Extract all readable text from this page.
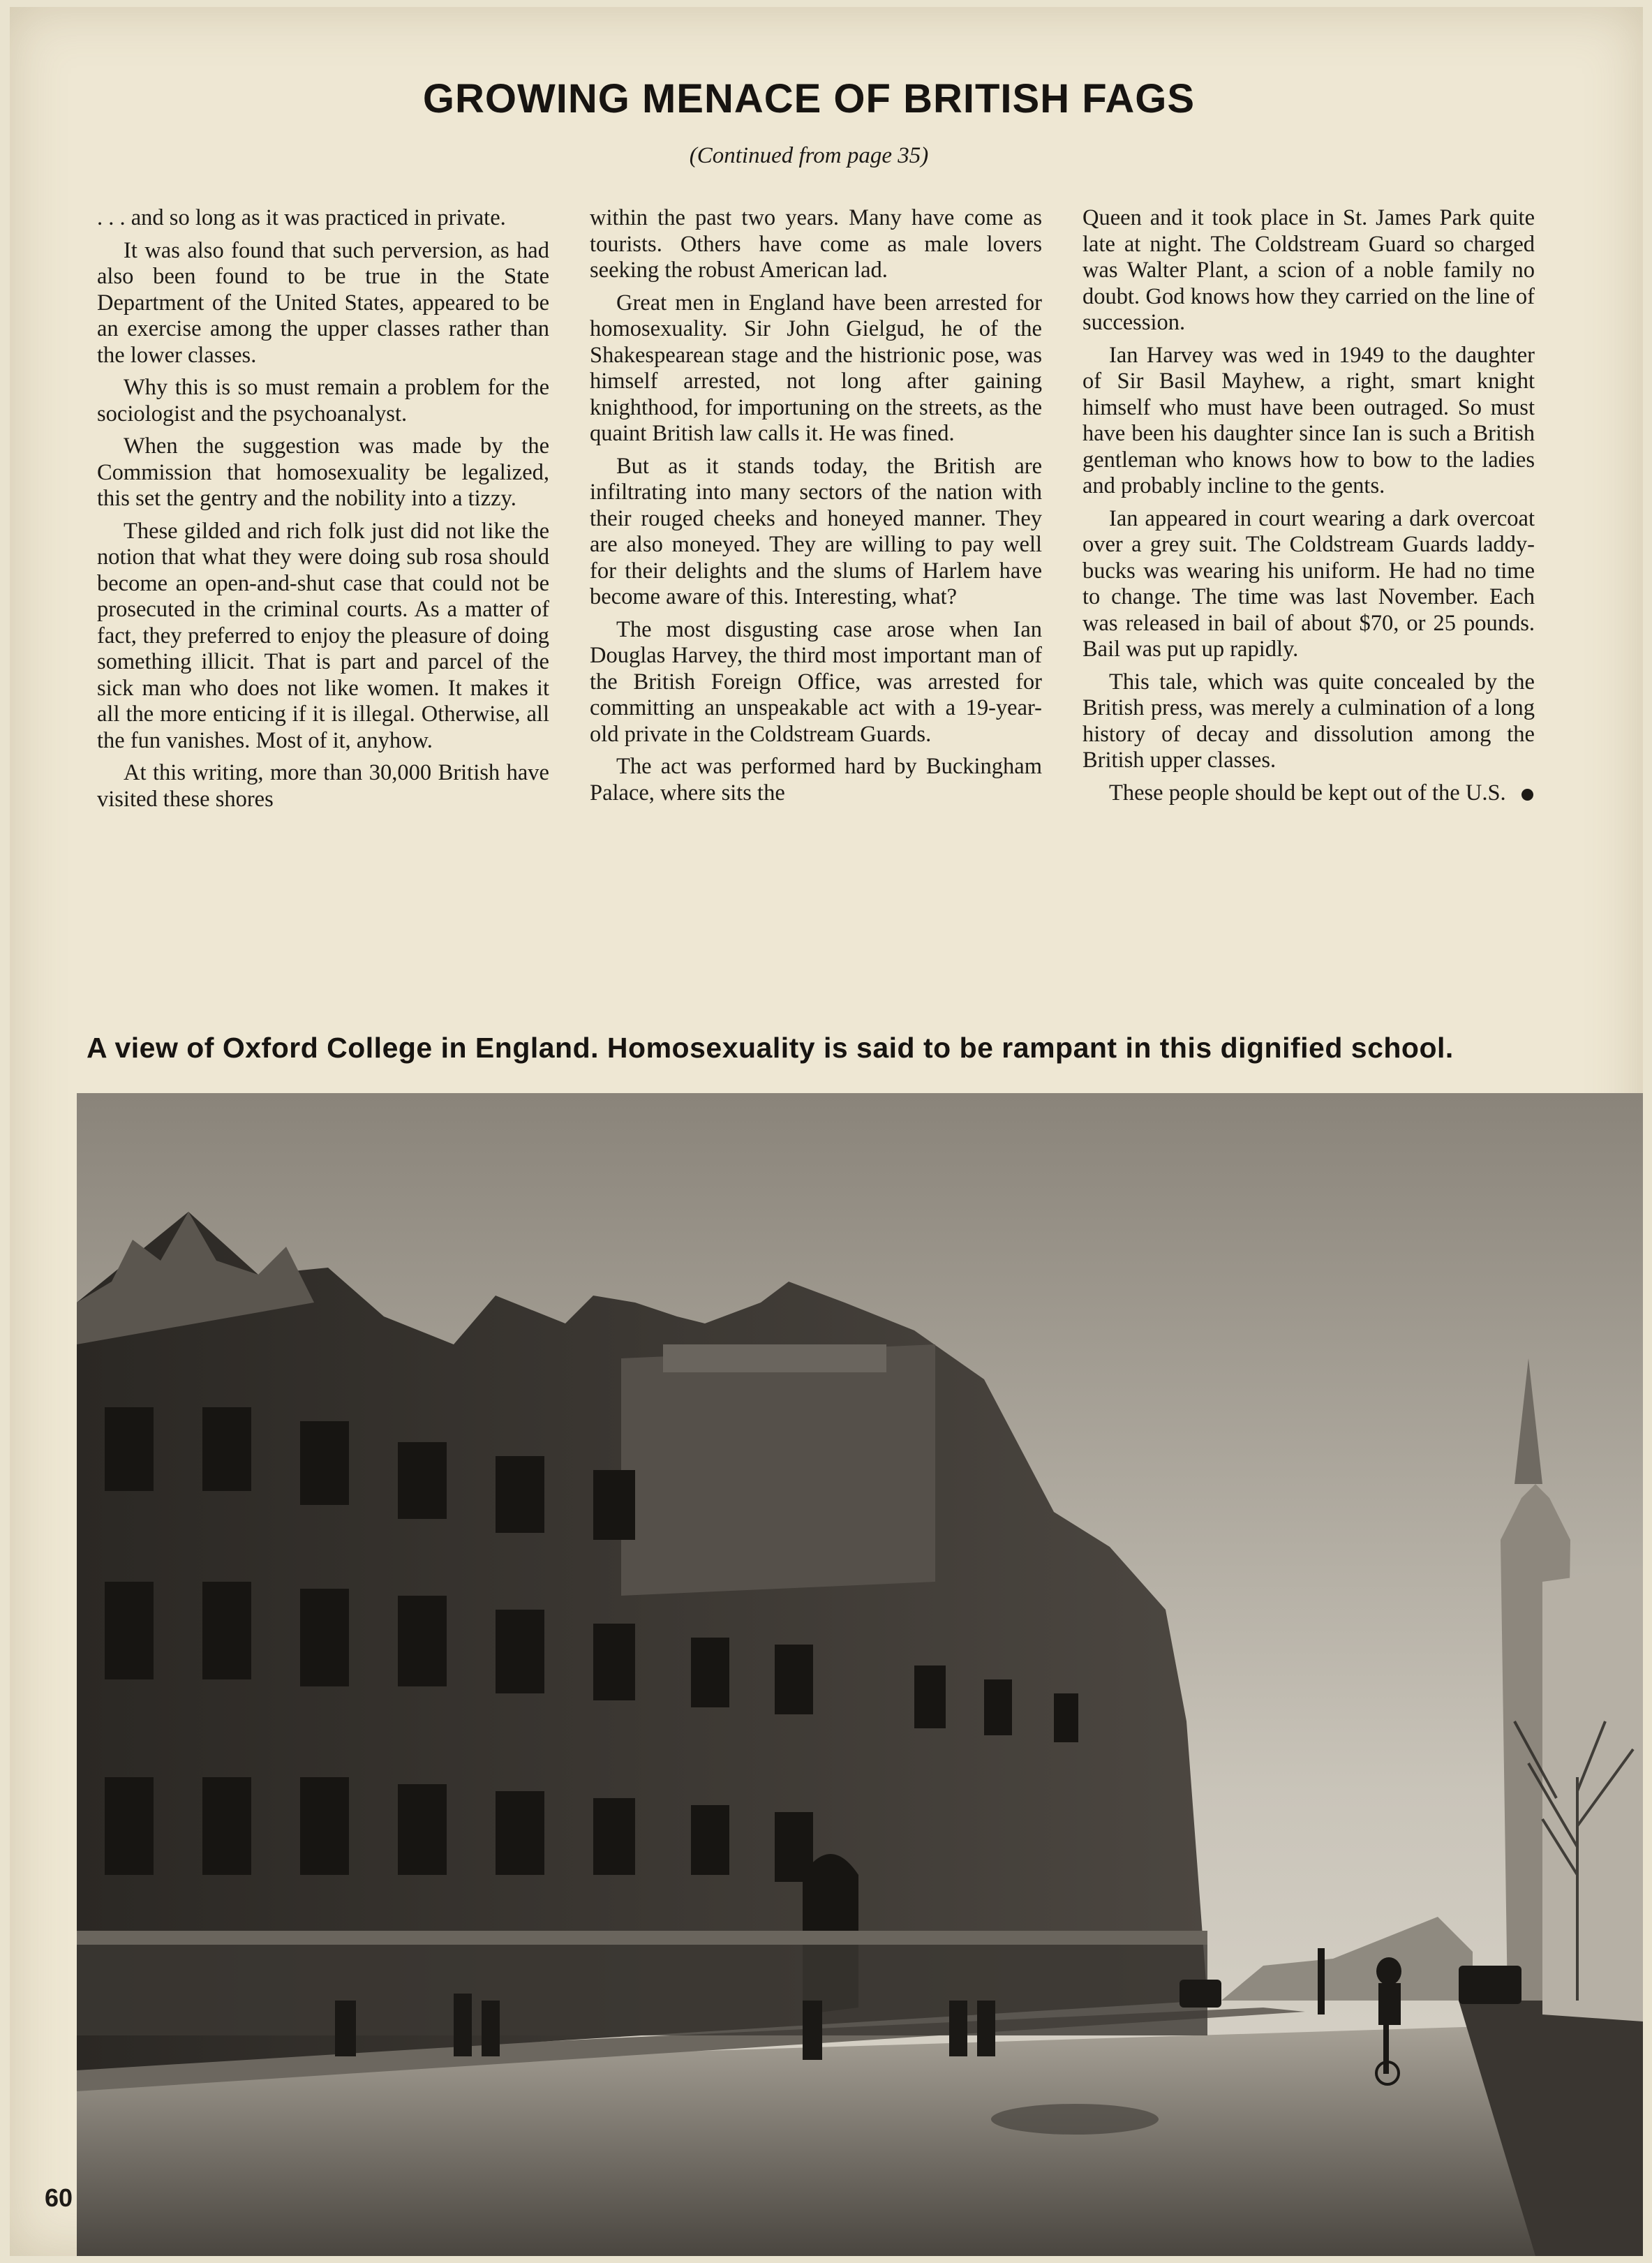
GROWING MENACE OF BRITISH FAGS
(Continued from page 35)

. . . and so long as it was practiced in private.

It was also found that such perversion, as had also been found to be true in the State Department of the United States, appeared to be an exercise among the upper classes rather than the lower classes.

Why this is so must remain a problem for the sociologist and the psychoanalyst.

When the suggestion was made by the Commission that homosexuality be legalized, this set the gentry and the nobility into a tizzy.

These gilded and rich folk just did not like the notion that what they were doing sub rosa should become an open-and-shut case that could not be prosecuted in the criminal courts. As a matter of fact, they preferred to enjoy the pleasure of doing something illicit. That is part and parcel of the sick man who does not like women. It makes it all the more enticing if it is illegal. Otherwise, all the fun vanishes. Most of it, anyhow.

At this writing, more than 30,000 British have visited these shores

within the past two years. Many have come as tourists. Others have come as male lovers seeking the robust American lad.

Great men in England have been arrested for homosexuality. Sir John Gielgud, he of the Shakespearean stage and the histrionic pose, was himself arrested, not long after gaining knighthood, for importuning on the streets, as the quaint British law calls it. He was fined.

But as it stands today, the British are infiltrating into many sectors of the nation with their rouged cheeks and honeyed manner. They are also moneyed. They are willing to pay well for their delights and the slums of Harlem have become aware of this. Interesting, what?

The most disgusting case arose when Ian Douglas Harvey, the third most important man of the British Foreign Office, was arrested for committing an unspeakable act with a 19-year-old private in the Coldstream Guards.

The act was performed hard by Buckingham Palace, where sits the

Queen and it took place in St. James Park quite late at night. The Coldstream Guard so charged was Walter Plant, a scion of a noble family no doubt. God knows how they carried on the line of succession.

Ian Harvey was wed in 1949 to the daughter of Sir Basil Mayhew, a right, smart knight himself who must have been outraged. So must have been his daughter since Ian is such a British gentleman who knows how to bow to the ladies and probably incline to the gents.

Ian appeared in court wearing a dark overcoat over a grey suit. The Coldstream Guards laddy-bucks was wearing his uniform. He had no time to change. The time was last November. Each was released in bail of about $70, or 25 pounds. Bail was put up rapidly.

This tale, which was quite concealed by the British press, was merely a culmination of a long history of decay and dissolution among the British upper classes.

These people should be kept out of the U.S.

A view of Oxford College in England. Homosexuality is said to be rampant in this dignified school.
60
